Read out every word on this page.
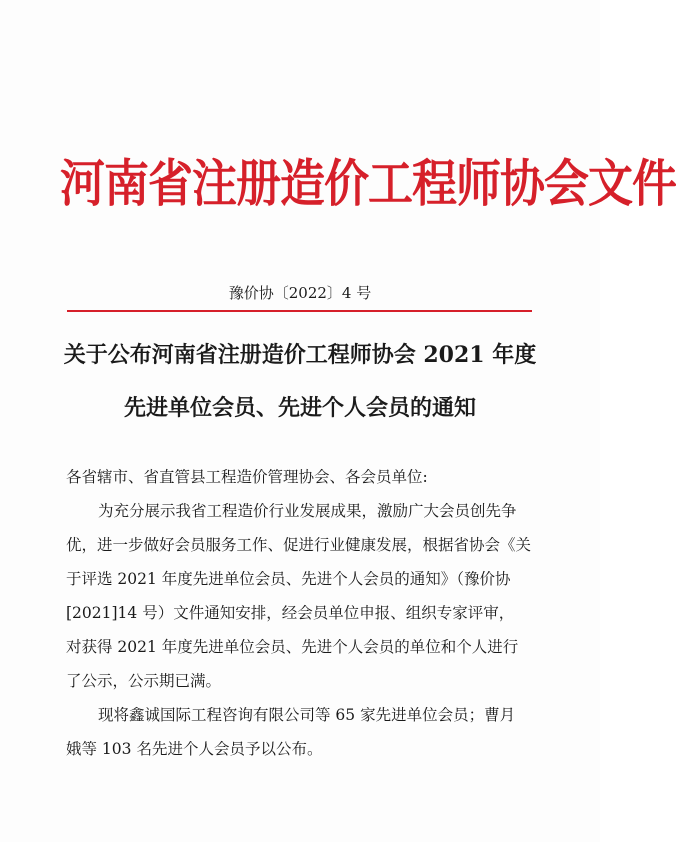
河南省注册造价工程师协会文件
豫价协〔2022〕4 号
关于公布河南省注册造价工程师协会 2021 年度
先进单位会员、先进个人会员的通知
各省辖市、省直管县工程造价管理协会、各会员单位:
为充分展示我省工程造价行业发展成果，激励广大会员创先争
优，进一步做好会员服务工作、促进行业健康发展，根据省协会《关
于评选 2021 年度先进单位会员、先进个人会员的通知》（豫价协
[2021]14 号）文件通知安排，经会员单位申报、组织专家评审，
对获得 2021 年度先进单位会员、先进个人会员的单位和个人进行
了公示，公示期已满。
现将鑫诚国际工程咨询有限公司等 65 家先进单位会员；曹月
娥等 103 名先进个人会员予以公布。
